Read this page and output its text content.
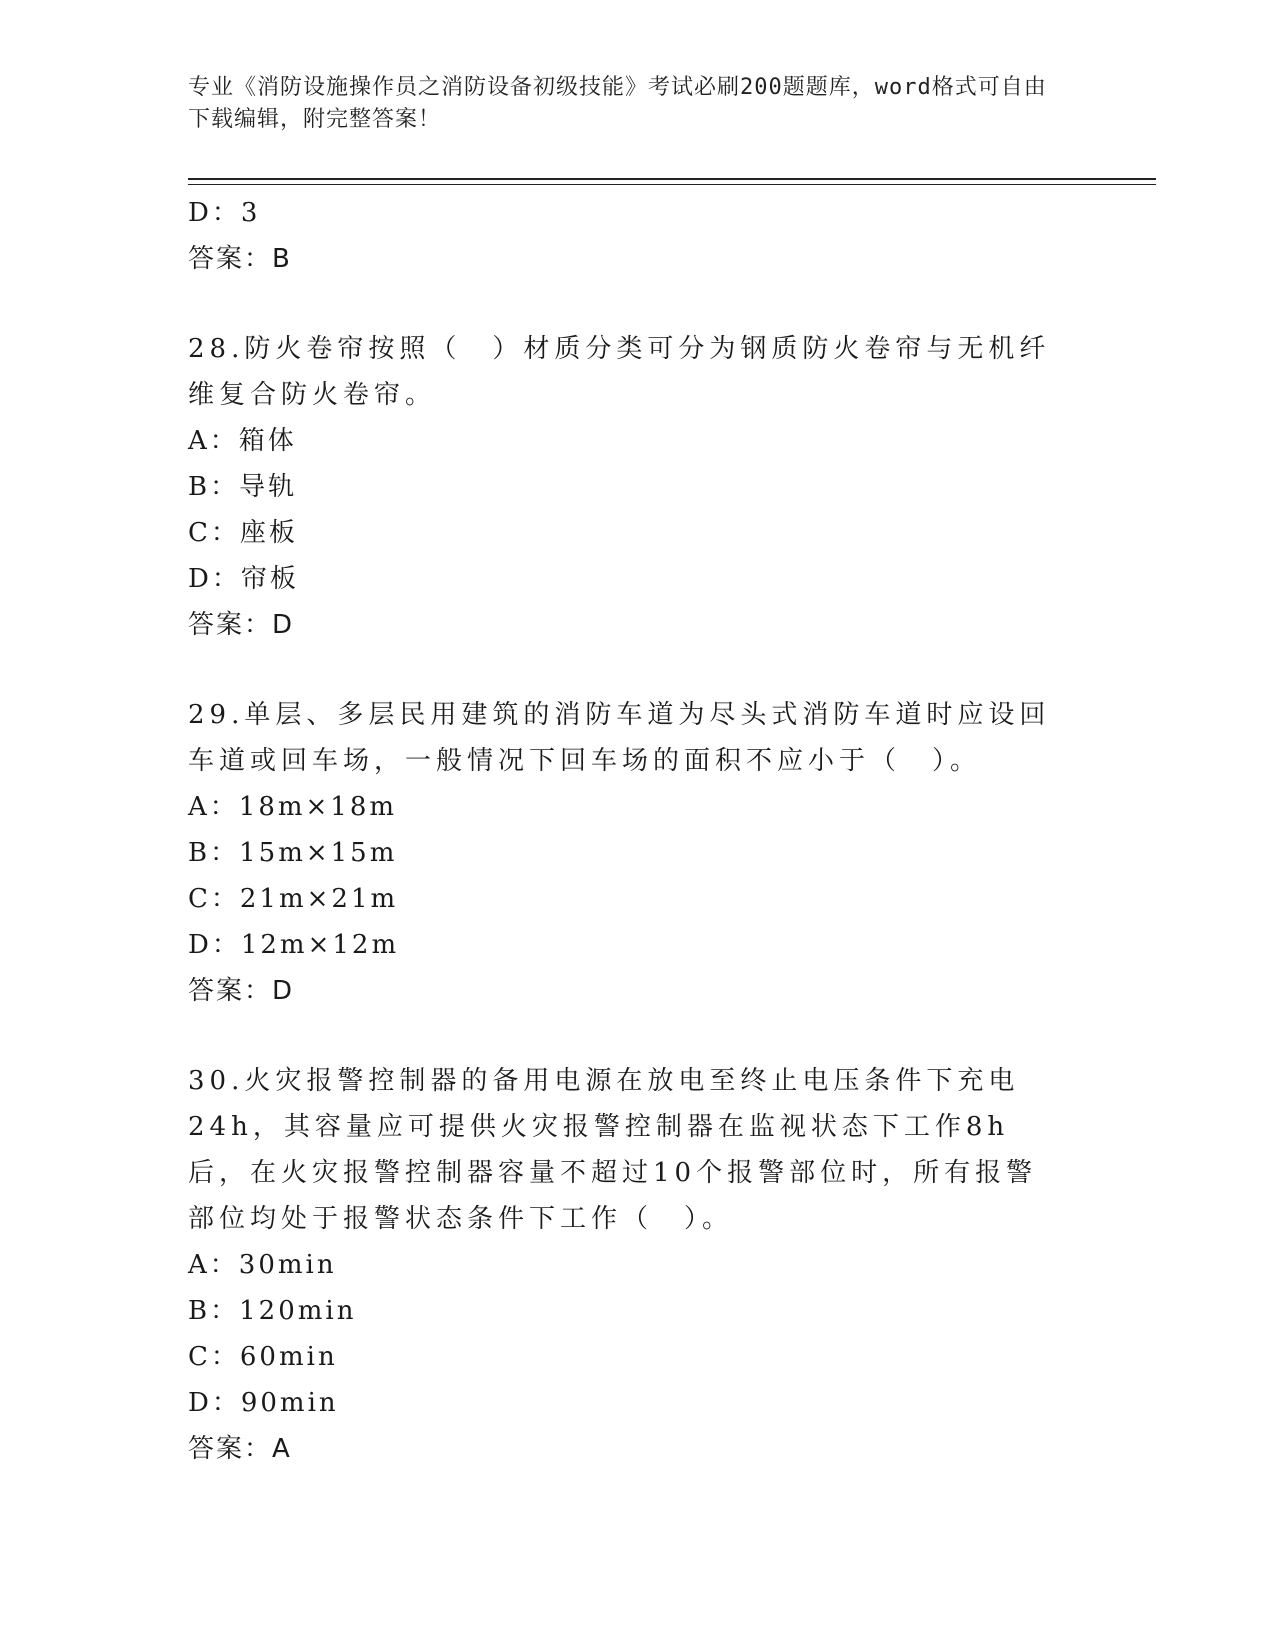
专业《消防设施操作员之消防设备初级技能》考试必刷200题题库，word格式可自由下载编辑，附完整答案！
D：3
答案：B
28.防火卷帘按照（　）材质分类可分为钢质防火卷帘与无机纤维复合防火卷帘。
A：箱体
B：导轨
C：座板
D：帘板
答案：D
29.单层、多层民用建筑的消防车道为尽头式消防车道时应设回车道或回车场，一般情况下回车场的面积不应小于（　）。
A：18m×18m
B：15m×15m
C：21m×21m
D：12m×12m
答案：D
30.火灾报警控制器的备用电源在放电至终止电压条件下充电24h，其容量应可提供火灾报警控制器在监视状态下工作8h后，在火灾报警控制器容量不超过10个报警部位时，所有报警部位均处于报警状态条件下工作（　）。
A：30min
B：120min
C：60min
D：90min
答案：A
